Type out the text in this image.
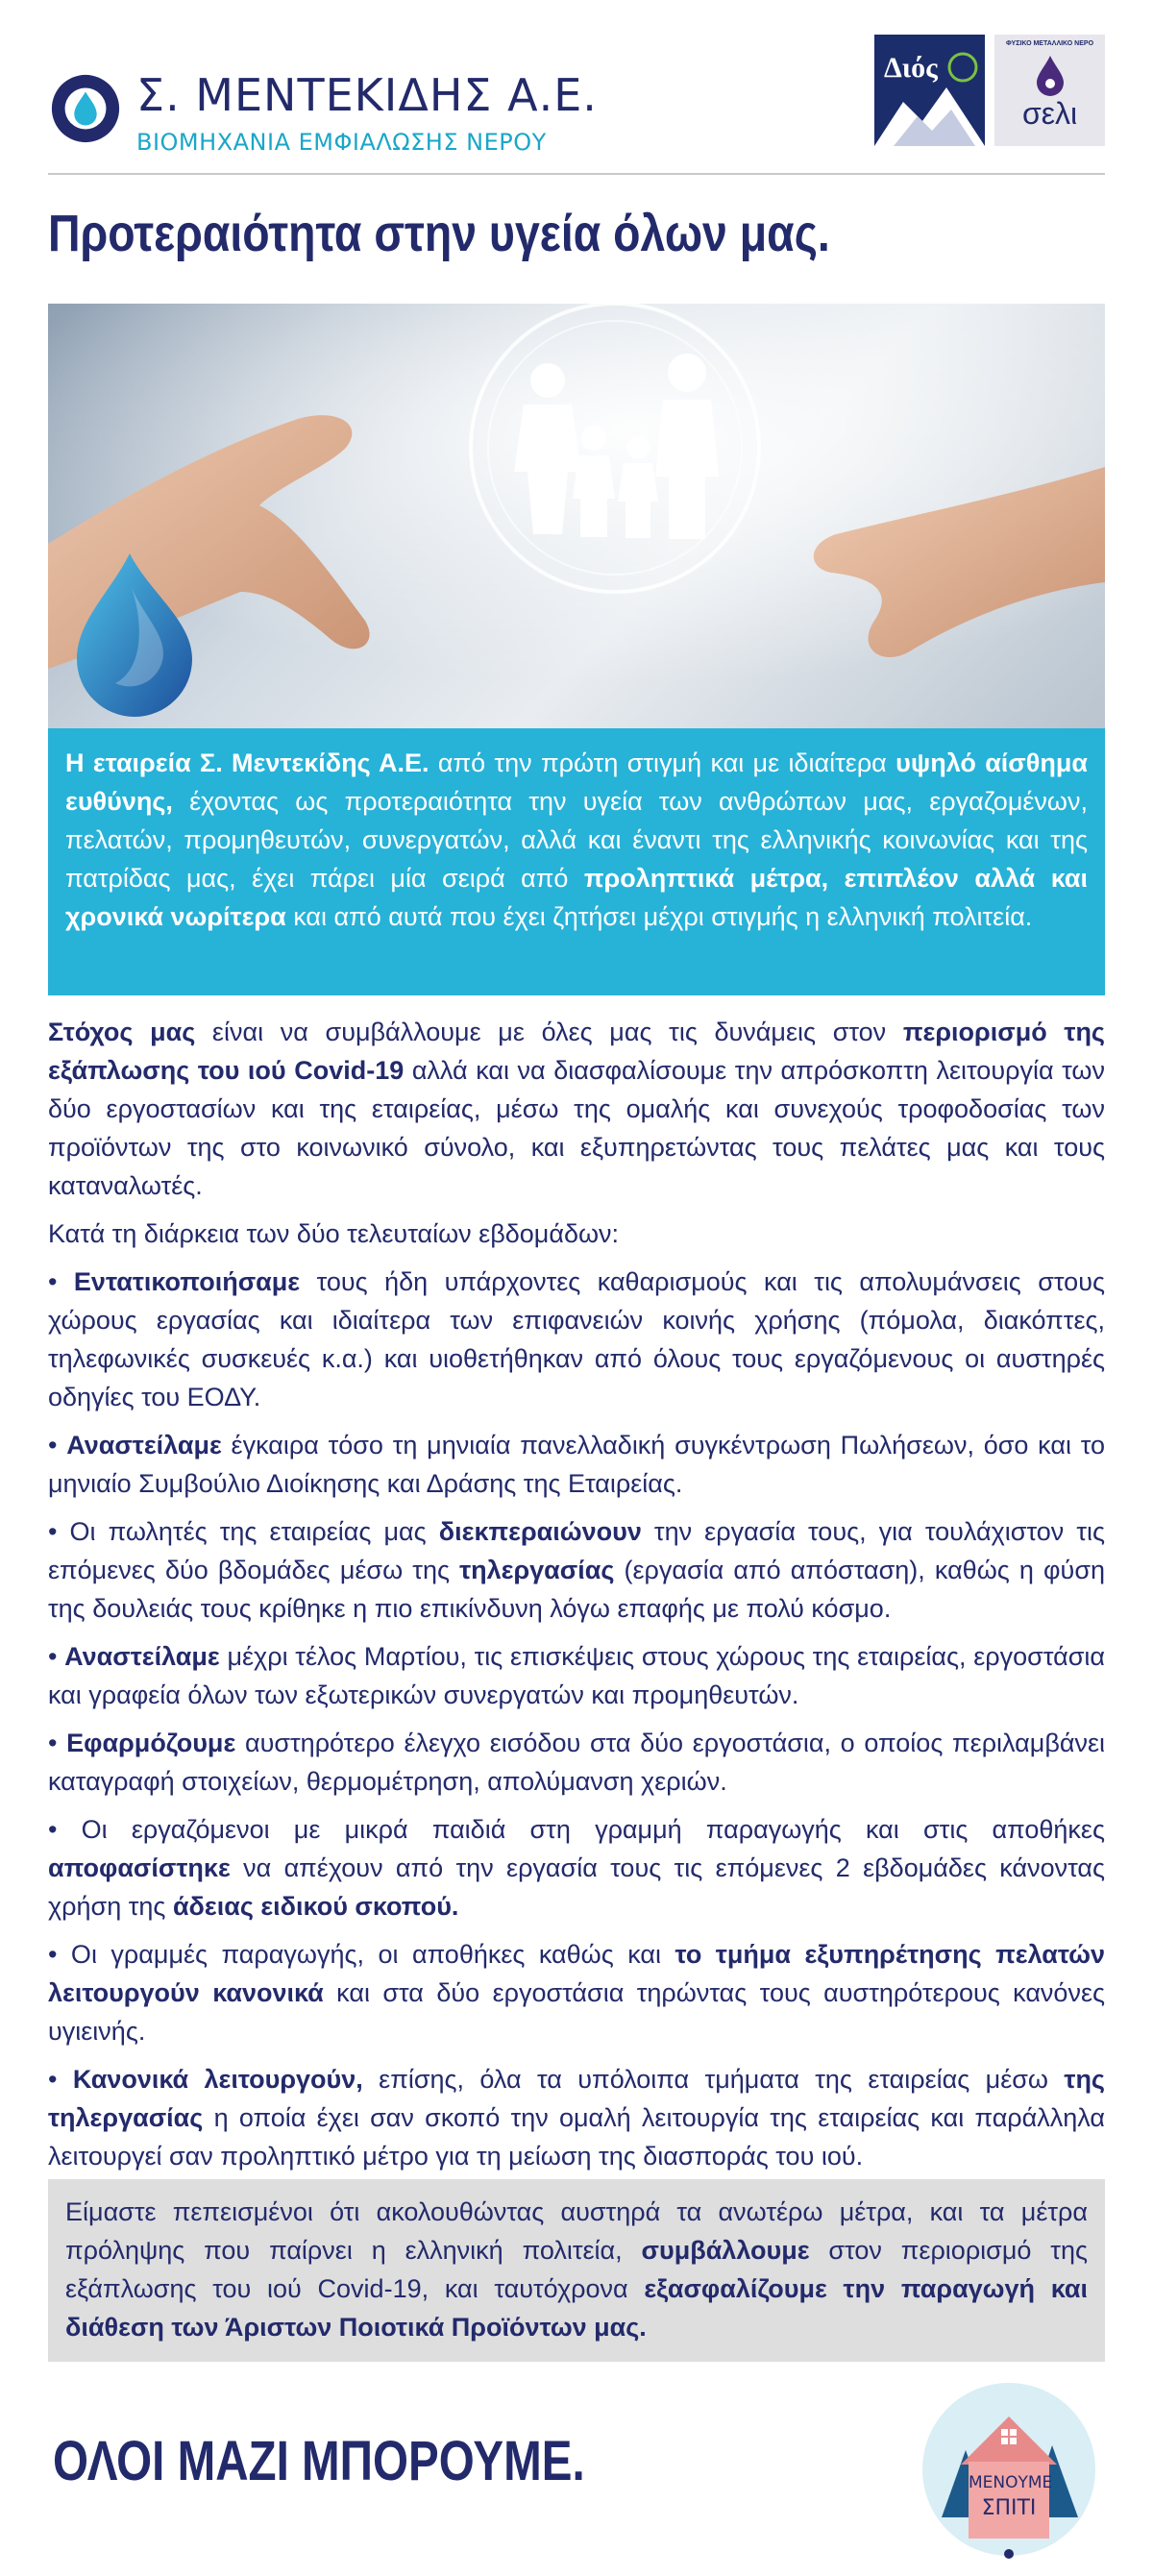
Σ. ΜΕΝΤΕΚΙΔΗΣ Α.Ε.
ΒΙΟΜΗΧΑΝΙΑ ΕΜΦΙΑΛΩΣΗΣ ΝΕΡΟΥ
Διός
ΦΥΣΙΚΟ ΜΕΤΑΛΛΙΚΟ ΝΕΡΟ
σελι
Προτεραιότητα στην υγεία όλων μας.

Η εταιρεία Σ. Μεντεκίδης Α.Ε. από την πρώτη στιγμή και με ιδιαίτερα υψηλό αίσθημα ευθύνης, έχοντας ως προτεραιότητα την υγεία των ανθρώπων μας, εργαζομένων, πελατών, προμηθευτών, συνεργατών, αλλά και έναντι της ελληνικής κοινωνίας και της πατρίδας μας, έχει πάρει μία σειρά από προληπτικά μέτρα, επιπλέον αλλά και χρονικά νωρίτερα και από αυτά που έχει ζητήσει μέχρι στιγμής η ελληνική πολιτεία.

Στόχος μας είναι να συμβάλλουμε με όλες μας τις δυνάμεις στον περιορισμό της εξάπλωσης του ιού Covid-19 αλλά και να διασφαλίσουμε την απρόσκοπτη λειτουργία των δύο εργοστασίων και της εταιρείας, μέσω της ομαλής και συνεχούς τροφοδοσίας των προϊόντων της στο κοινωνικό σύνολο, και εξυπηρετώντας τους πελάτες μας και τους καταναλωτές.

Κατά τη διάρκεια των δύο τελευταίων εβδομάδων:

• Εντατικοποιήσαμε τους ήδη υπάρχοντες καθαρισμούς και τις απολυμάνσεις στους χώρους εργασίας και ιδιαίτερα των επιφανειών κοινής χρήσης (πόμολα, διακόπτες, τηλεφωνικές συσκευές κ.α.) και υιοθετήθηκαν από όλους τους εργαζόμενους οι αυστηρές οδηγίες του ΕΟΔΥ.

• Αναστείλαμε έγκαιρα τόσο τη μηνιαία πανελλαδική συγκέντρωση Πωλήσεων, όσο και το μηνιαίο Συμβούλιο Διοίκησης και Δράσης της Εταιρείας.

• Οι πωλητές της εταιρείας μας διεκπεραιώνουν την εργασία τους, για τουλάχιστον τις επόμενες δύο βδομάδες μέσω της τηλεργασίας (εργασία από απόσταση), καθώς η φύση της δουλειάς τους κρίθηκε η πιο επικίνδυνη λόγω επαφής με πολύ κόσμο.

• Αναστείλαμε μέχρι τέλος Μαρτίου, τις επισκέψεις στους χώρους της εταιρείας, εργοστάσια και γραφεία όλων των εξωτερικών συνεργατών και προμηθευτών.

• Εφαρμόζουμε αυστηρότερο έλεγχο εισόδου στα δύο εργοστάσια, ο οποίος περιλαμβάνει καταγραφή στοιχείων, θερμομέτρηση, απολύμανση χεριών.

• Οι εργαζόμενοι με μικρά παιδιά στη γραμμή παραγωγής και στις αποθήκες αποφασίστηκε να απέχουν από την εργασία τους τις επόμενες 2 εβδομάδες κάνοντας χρήση της άδειας ειδικού σκοπού.

• Οι γραμμές παραγωγής, οι αποθήκες καθώς και το τμήμα εξυπηρέτησης πελατών λειτουργούν κανονικά και στα δύο εργοστάσια τηρώντας τους αυστηρότερους κανόνες υγιεινής.

• Κανονικά λειτουργούν, επίσης, όλα τα υπόλοιπα τμήματα της εταιρείας μέσω της τηλεργασίας η οποία έχει σαν σκοπό την ομαλή λειτουργία της εταιρείας και παράλληλα λειτουργεί σαν προληπτικό μέτρο για τη μείωση της διασποράς του ιού.

Είμαστε πεπεισμένοι ότι ακολουθώντας αυστηρά τα ανωτέρω μέτρα, και τα μέτρα πρόληψης που παίρνει η ελληνική πολιτεία, συμβάλλουμε στον περιορισμό της εξάπλωσης του ιού Covid-19, και ταυτόχρονα εξασφαλίζουμε την παραγωγή και διάθεση των Άριστων Ποιοτικά Προϊόντων μας.

ΟΛΟΙ ΜΑΖΙ ΜΠΟΡΟΥΜΕ.	ΜΕΝΟΥΜΕ
ΣΠΙΤΙ
